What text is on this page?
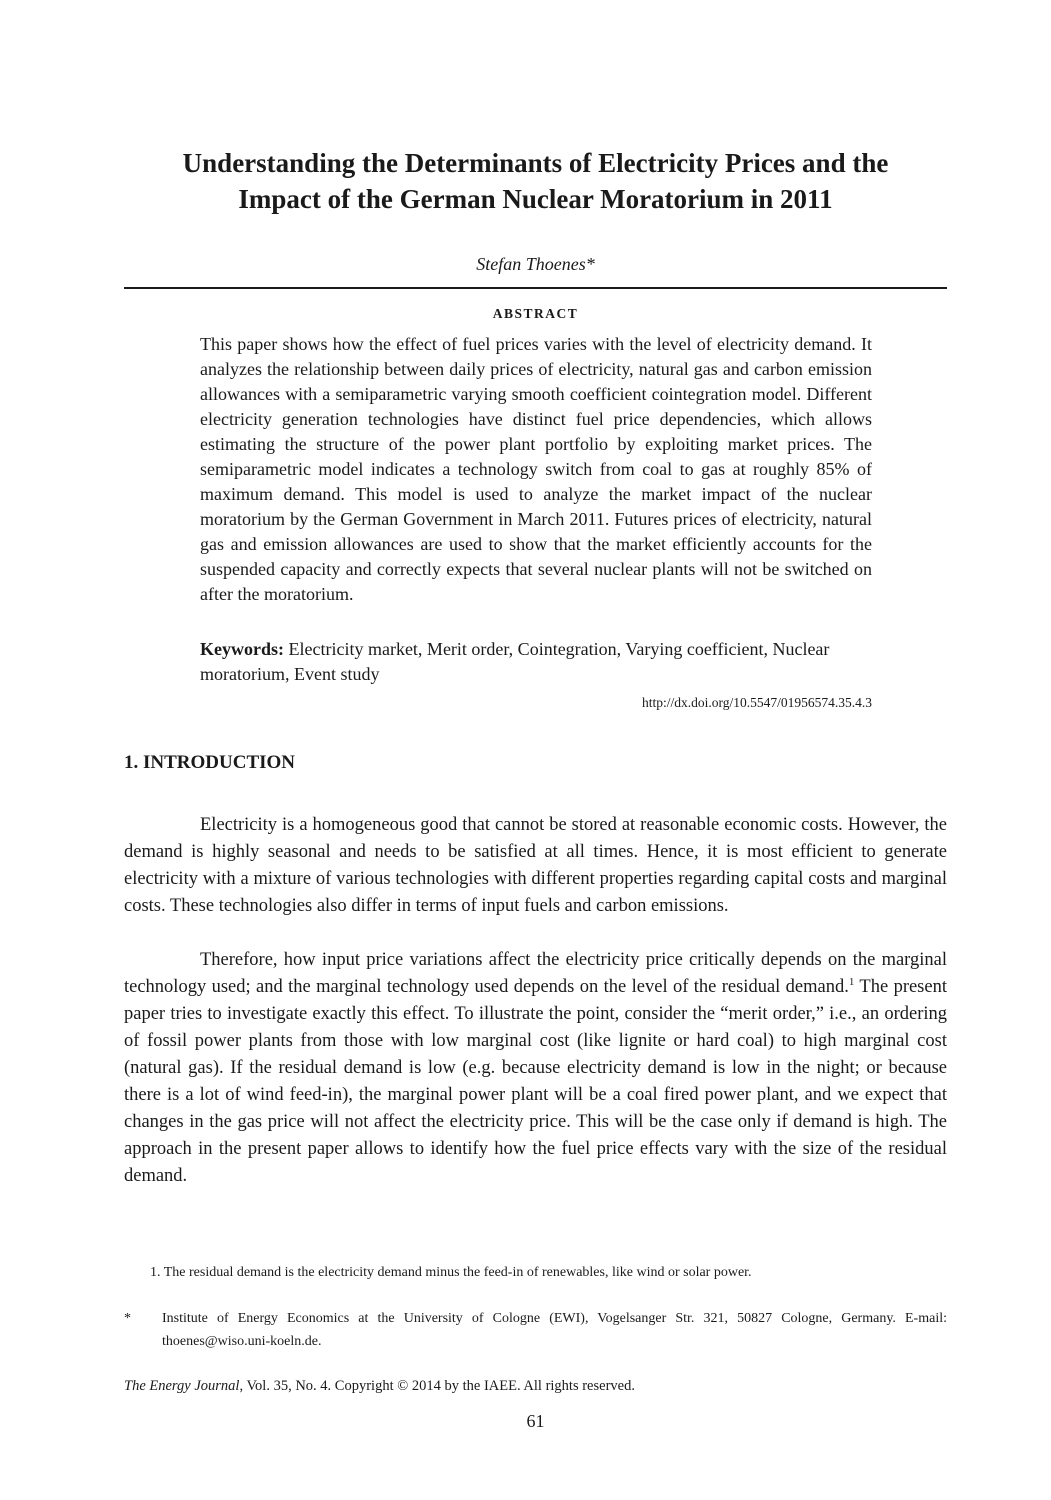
Understanding the Determinants of Electricity Prices and the
Impact of the German Nuclear Moratorium in 2011
Stefan Thoenes*
ABSTRACT

This paper shows how the effect of fuel prices varies with the level of electricity demand. It analyzes the relationship between daily prices of electricity, natural gas and carbon emission allowances with a semiparametric varying smooth coefficient cointegration model. Different electricity generation technologies have distinct fuel price dependencies, which allows estimating the structure of the power plant portfolio by exploiting market prices. The semiparametric model indicates a technology switch from coal to gas at roughly 85% of maximum demand. This model is used to analyze the market impact of the nuclear moratorium by the German Government in March 2011. Futures prices of electricity, natural gas and emission allowances are used to show that the market efficiently accounts for the suspended capacity and correctly expects that several nuclear plants will not be switched on after the moratorium.

Keywords: Electricity market, Merit order, Cointegration, Varying coefficient, Nuclear moratorium, Event study

http://dx.doi.org/10.5547/01956574.35.4.3
1. INTRODUCTION

Electricity is a homogeneous good that cannot be stored at reasonable economic costs. However, the demand is highly seasonal and needs to be satisfied at all times. Hence, it is most efficient to generate electricity with a mixture of various technologies with different properties regarding capital costs and marginal costs. These technologies also differ in terms of input fuels and carbon emissions.

Therefore, how input price variations affect the electricity price critically depends on the marginal technology used; and the marginal technology used depends on the level of the residual demand.$^1$ The present paper tries to investigate exactly this effect. To illustrate the point, consider the “merit order,” i.e., an ordering of fossil power plants from those with low marginal cost (like lignite or hard coal) to high marginal cost (natural gas). If the residual demand is low (e.g. because electricity demand is low in the night; or because there is a lot of wind feed-in), the marginal power plant will be a coal fired power plant, and we expect that changes in the gas price will not affect the electricity price. This will be the case only if demand is high. The approach in the present paper allows to identify how the fuel price effects vary with the size of the residual demand.

1. The residual demand is the electricity demand minus the feed-in of renewables, like wind or solar power.

* Institute of Energy Economics at the University of Cologne (EWI), Vogelsanger Str. 321, 50827 Cologne, Germany. E-mail: thoenes@wiso.uni-koeln.de.
The Energy Journal, Vol. 35, No. 4. Copyright © 2014 by the IAEE. All rights reserved.
61
